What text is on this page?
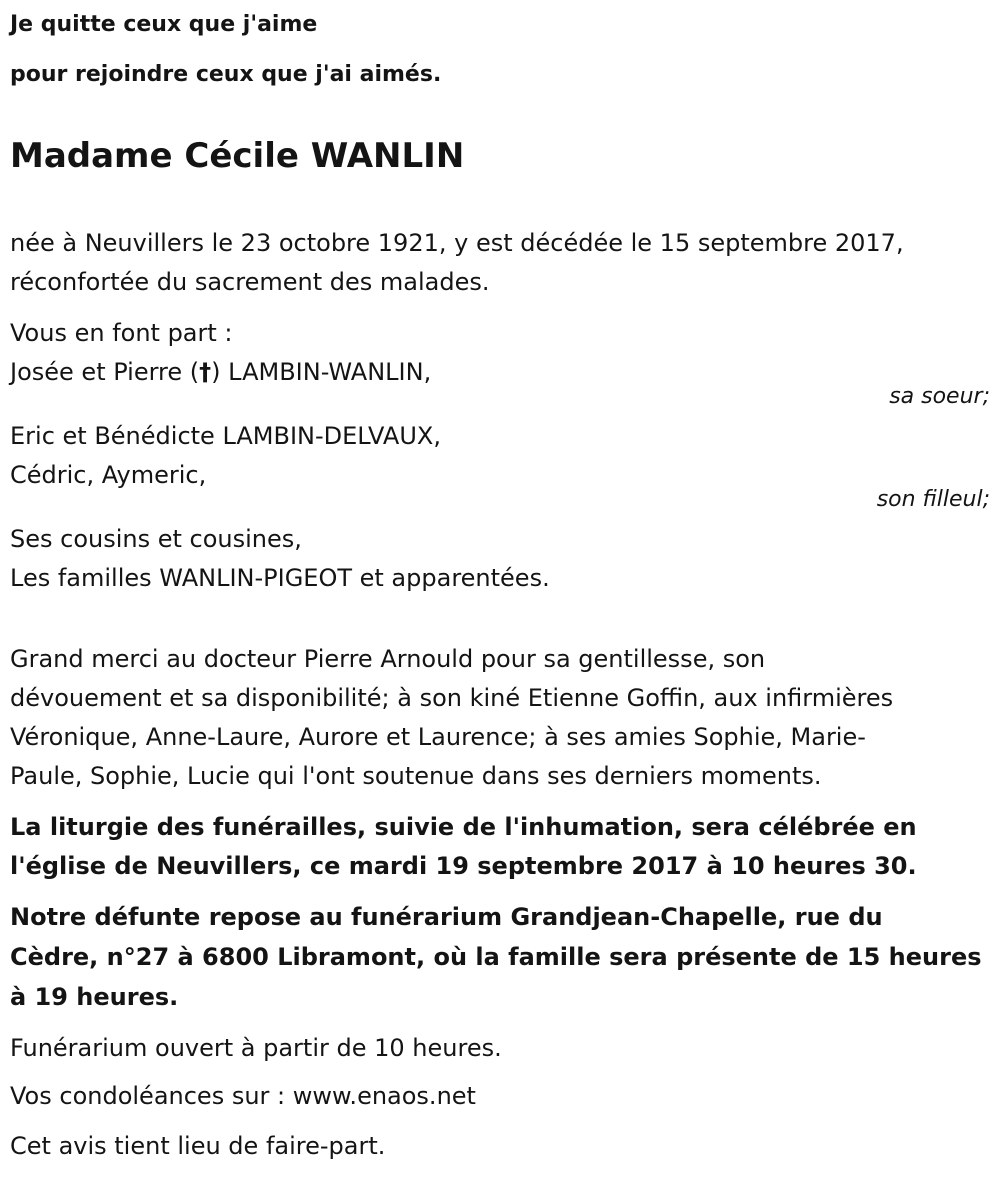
Je quitte ceux que j'aime
pour rejoindre ceux que j'ai aimés.
Madame Cécile WANLIN
née à Neuvillers le 23 octobre 1921, y est décédée le 15 septembre 2017,
réconfortée du sacrement des malades.
Vous en font part :
Josée et Pierre (†) LAMBIN-WANLIN,
sa soeur;
Eric et Bénédicte LAMBIN-DELVAUX,
Cédric, Aymeric,
son filleul;
Ses cousins et cousines,
Les familles WANLIN-PIGEOT et apparentées.
Grand merci au docteur Pierre Arnould pour sa gentillesse, son
dévouement et sa disponibilité; à son kiné Etienne Goffin, aux infirmières
Véronique, Anne-Laure, Aurore et Laurence; à ses amies Sophie, Marie-
Paule, Sophie, Lucie qui l'ont soutenue dans ses derniers moments.
La liturgie des funérailles, suivie de l'inhumation, sera célébrée en
l'église de Neuvillers, ce mardi 19 septembre 2017 à 10 heures 30.
Notre défunte repose au funérarium Grandjean-Chapelle, rue du
Cèdre, n°27 à 6800 Libramont, où la famille sera présente de 15 heures
à 19 heures.
Funérarium ouvert à partir de 10 heures.
Vos condoléances sur : www.enaos.net
Cet avis tient lieu de faire-part.
